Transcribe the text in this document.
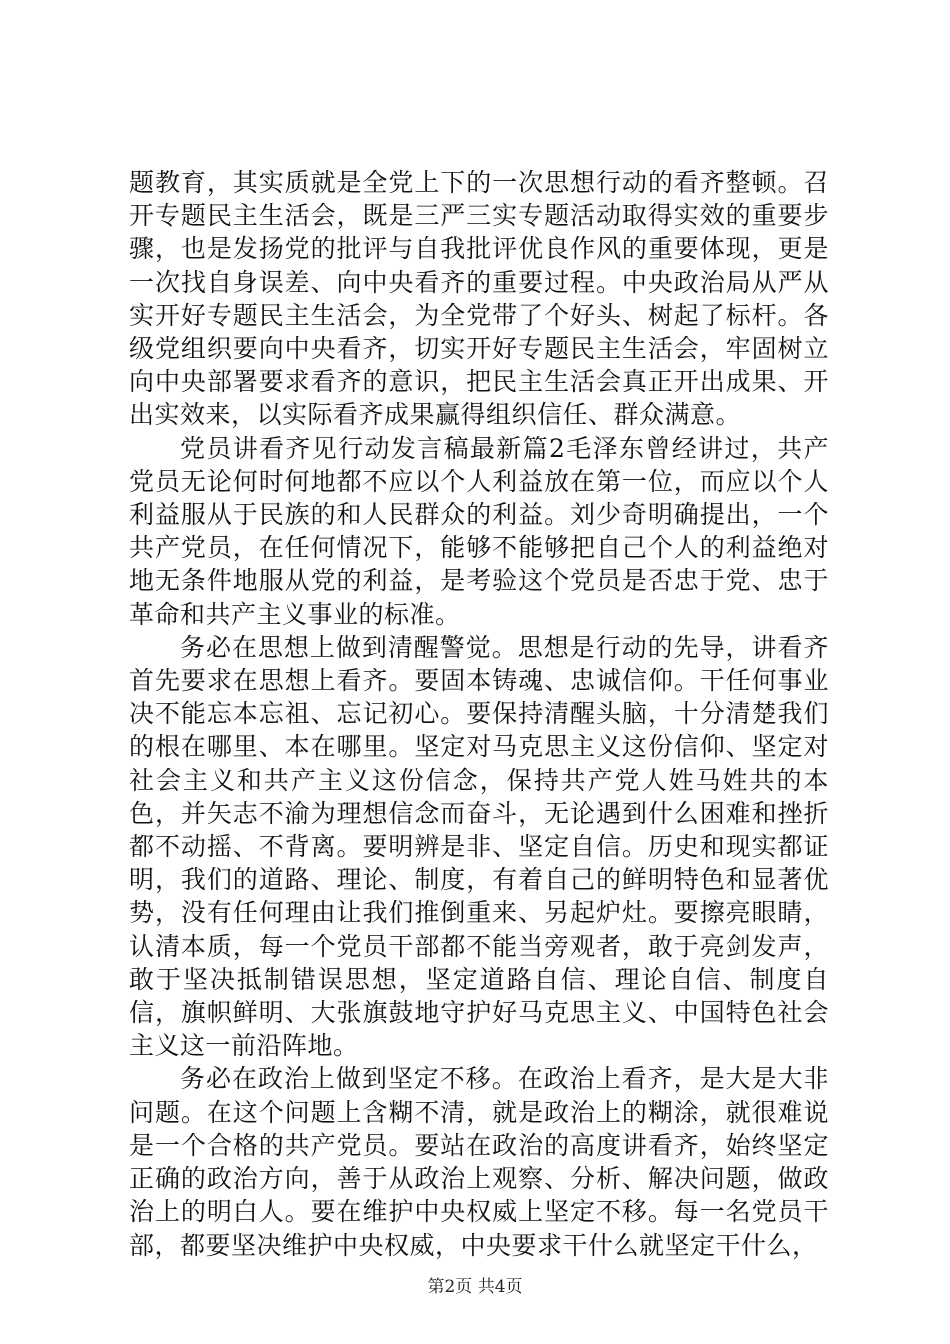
题教育，其实质就是全党上下的一次思想行动的看齐整顿。召开专题民主生活会，既是三严三实专题活动取得实效的重要步骤，也是发扬党的批评与自我批评优良作风的重要体现，更是一次找自身误差、向中央看齐的重要过程。中央政治局从严从实开好专题民主生活会，为全党带了个好头、树起了标杆。各级党组织要向中央看齐，切实开好专题民主生活会，牢固树立向中央部署要求看齐的意识，把民主生活会真正开出成果、开出实效来，以实际看齐成果赢得组织信任、群众满意。

党员讲看齐见行动发言稿最新篇2毛泽东曾经讲过，共产党员无论何时何地都不应以个人利益放在第一位，而应以个人利益服从于民族的和人民群众的利益。刘少奇明确提出，一个共产党员，在任何情况下，能够不能够把自己个人的利益绝对地无条件地服从党的利益，是考验这个党员是否忠于党、忠于革命和共产主义事业的标准。

务必在思想上做到清醒警觉。思想是行动的先导，讲看齐首先要求在思想上看齐。要固本铸魂、忠诚信仰。干任何事业决不能忘本忘祖、忘记初心。要保持清醒头脑，十分清楚我们的根在哪里、本在哪里。坚定对马克思主义这份信仰、坚定对社会主义和共产主义这份信念，保持共产党人姓马姓共的本色，并矢志不渝为理想信念而奋斗，无论遇到什么困难和挫折都不动摇、不背离。要明辨是非、坚定自信。历史和现实都证明，我们的道路、理论、制度，有着自己的鲜明特色和显著优势，没有任何理由让我们推倒重来、另起炉灶。要擦亮眼睛，认清本质，每一个党员干部都不能当旁观者，敢于亮剑发声，敢于坚决抵制错误思想，坚定道路自信、理论自信、制度自信，旗帜鲜明、大张旗鼓地守护好马克思主义、中国特色社会主义这一前沿阵地。

务必在政治上做到坚定不移。在政治上看齐，是大是大非问题。在这个问题上含糊不清，就是政治上的糊涂，就很难说是一个合格的共产党员。要站在政治的高度讲看齐，始终坚定正确的政治方向，善于从政治上观察、分析、解决问题，做政治上的明白人。要在维护中央权威上坚定不移。每一名党员干部，都要坚决维护中央权威，中央要求干什么就坚定干什么，

第2页 共4页
